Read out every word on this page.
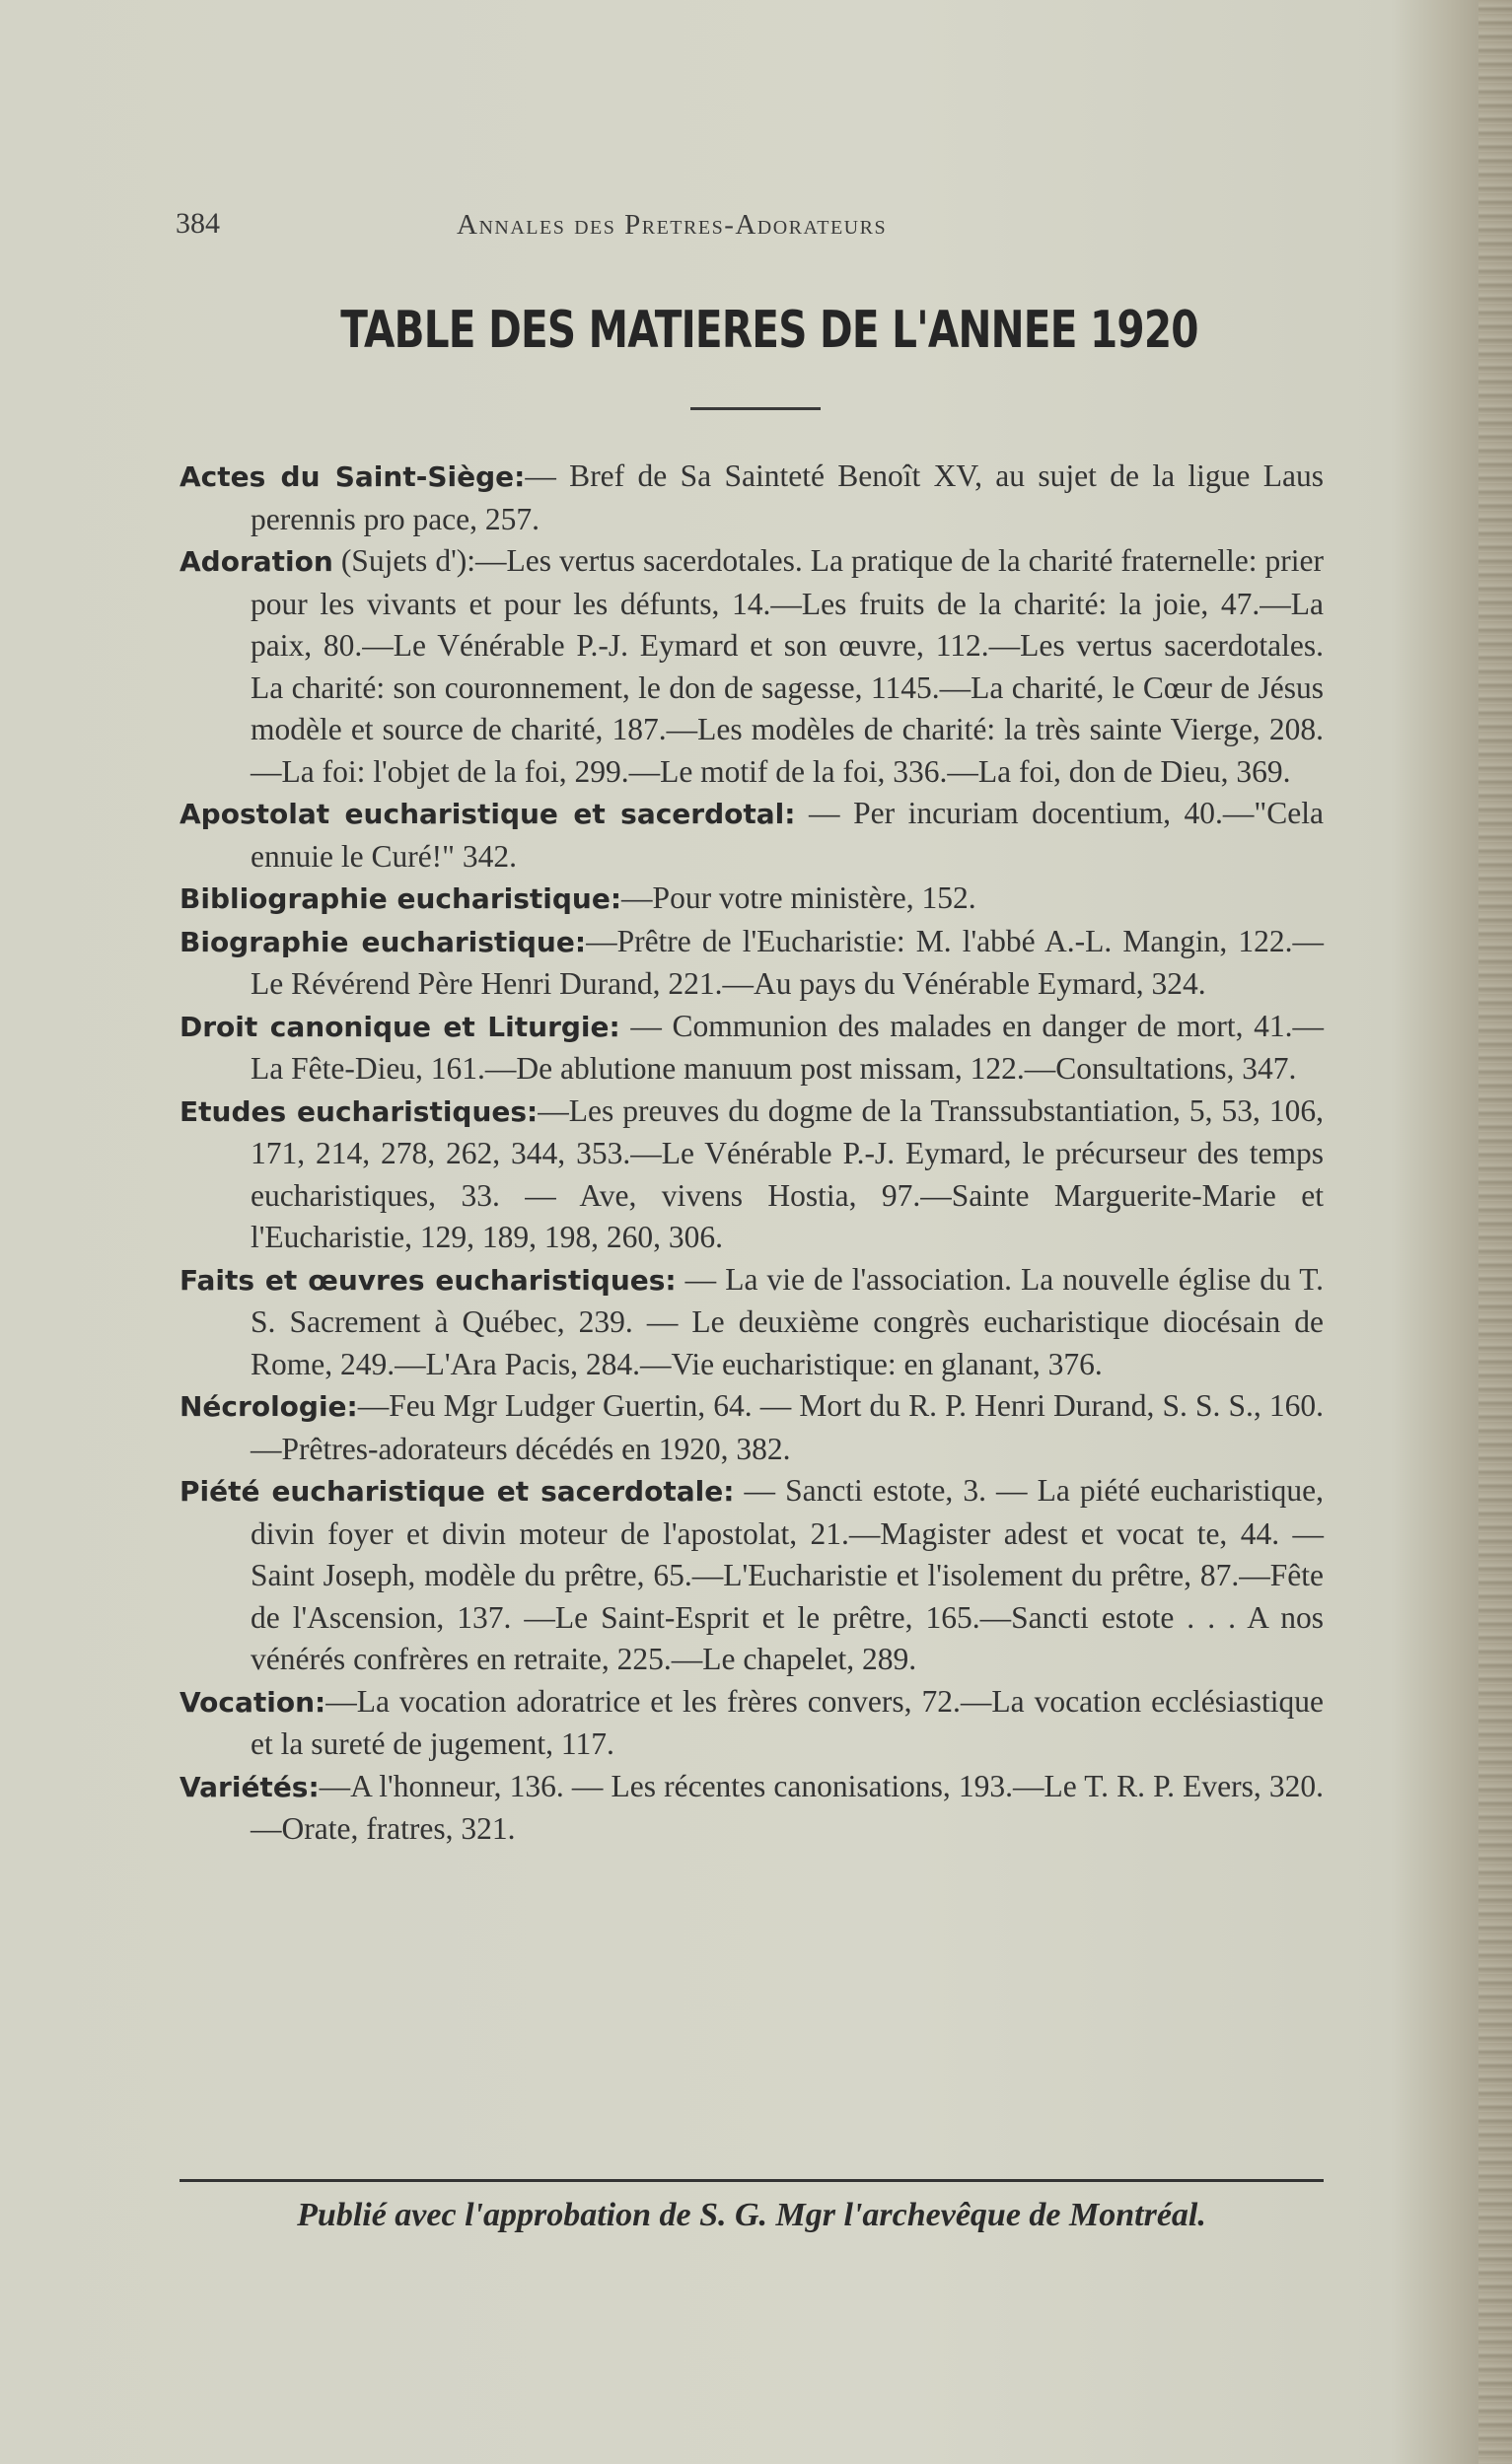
384	Annales des Pretres-Adorateurs
TABLE DES MATIERES DE L'ANNEE 1920

Actes du Saint-Siège:— Bref de Sa Sainteté Benoît XV, au sujet de la ligue Laus perennis pro pace, 257.

Adoration (Sujets d'):—Les vertus sacerdotales. La pratique de la charité fraternelle: prier pour les vivants et pour les défunts, 14.—Les fruits de la charité: la joie, 47.—La paix, 80.—Le Vénérable P.-J. Eymard et son œuvre, 112.—Les vertus sacerdotales. La charité: son couronnement, le don de sagesse, 1145.—La charité, le Cœur de Jésus modèle et source de charité, 187.—Les modèles de charité: la très sainte Vierge, 208.—La foi: l'objet de la foi, 299.—Le motif de la foi, 336.—La foi, don de Dieu, 369.

Apostolat eucharistique et sacerdotal: — Per incuriam docentium, 40.—"Cela ennuie le Curé!" 342.

Bibliographie eucharistique:—Pour votre ministère, 152.

Biographie eucharistique:—Prêtre de l'Eucharistie: M. l'abbé A.-L. Mangin, 122.—Le Révérend Père Henri Durand, 221.—Au pays du Vénérable Eymard, 324.

Droit canonique et Liturgie: — Communion des malades en danger de mort, 41.—La Fête-Dieu, 161.—De ablutione manuum post missam, 122.—Consultations, 347.

Etudes eucharistiques:—Les preuves du dogme de la Transsubstantiation, 5, 53, 106, 171, 214, 278, 262, 344, 353.—Le Vénérable P.-J. Eymard, le précurseur des temps eucharistiques, 33. — Ave, vivens Hostia, 97.—Sainte Marguerite-Marie et l'Eucharistie, 129, 189, 198, 260, 306.

Faits et œuvres eucharistiques: — La vie de l'association. La nouvelle église du T. S. Sacrement à Québec, 239. — Le deuxième congrès eucharistique diocésain de Rome, 249.—L'Ara Pacis, 284.—Vie eucharistique: en glanant, 376.

Nécrologie:—Feu Mgr Ludger Guertin, 64. — Mort du R. P. Henri Durand, S. S. S., 160.—Prêtres-adorateurs décédés en 1920, 382.

Piété eucharistique et sacerdotale: — Sancti estote, 3. — La piété eucharistique, divin foyer et divin moteur de l'apostolat, 21.—Magister adest et vocat te, 44. — Saint Joseph, modèle du prêtre, 65.—L'Eucharistie et l'isolement du prêtre, 87.—Fête de l'Ascension, 137. —Le Saint-Esprit et le prêtre, 165.—Sancti estote . . . A nos vénérés confrères en retraite, 225.—Le chapelet, 289.

Vocation:—La vocation adoratrice et les frères convers, 72.—La vocation ecclésiastique et la sureté de jugement, 117.

Variétés:—A l'honneur, 136. — Les récentes canonisations, 193.—Le T. R. P. Evers, 320.—Orate, fratres, 321.

Publié avec l'approbation de S. G. Mgr l'archevêque de Montréal.
